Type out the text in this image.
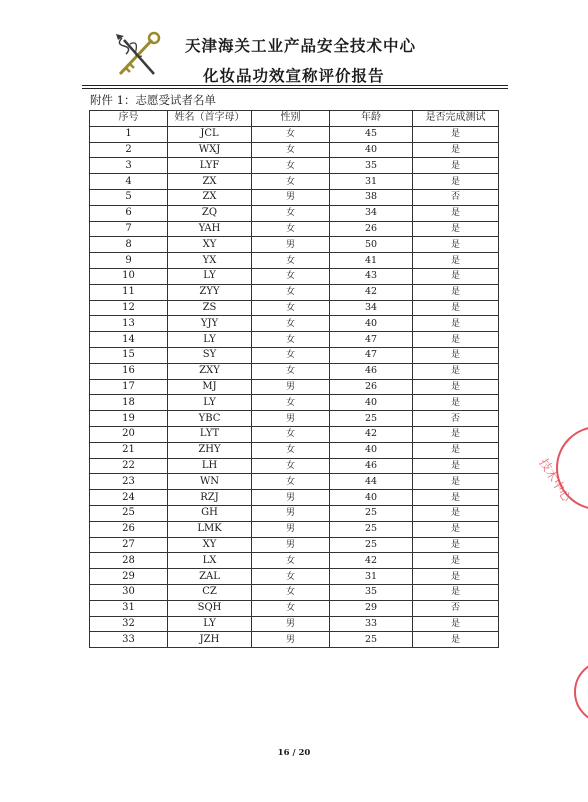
天津海关工业产品安全技术中心
化妆品功效宣称评价报告
附件 1：志愿受试者名单
序号	姓名（首字母）	性别	年龄	是否完成测试
1	JCL	女	45	是
2	WXJ	女	40	是
3	LYF	女	35	是
4	ZX	女	31	是
5	ZX	男	38	否
6	ZQ	女	34	是
7	YAH	女	26	是
8	XY	男	50	是
9	YX	女	41	是
10	LY	女	43	是
11	ZYY	女	42	是
12	ZS	女	34	是
13	YJY	女	40	是
14	LY	女	47	是
15	SY	女	47	是
16	ZXY	女	46	是
17	MJ	男	26	是
18	LY	女	40	是
19	YBC	男	25	否
20	LYT	女	42	是
21	ZHY	女	40	是
22	LH	女	46	是
23	WN	女	44	是
24	RZJ	男	40	是
25	GH	男	25	是
26	LMK	男	25	是
27	XY	男	25	是
28	LX	女	42	是
29	ZAL	女	31	是
30	CZ	女	35	是
31	SQH	女	29	否
32	LY	男	33	是
33	JZH	男	25	是
16 / 20
技术中心
